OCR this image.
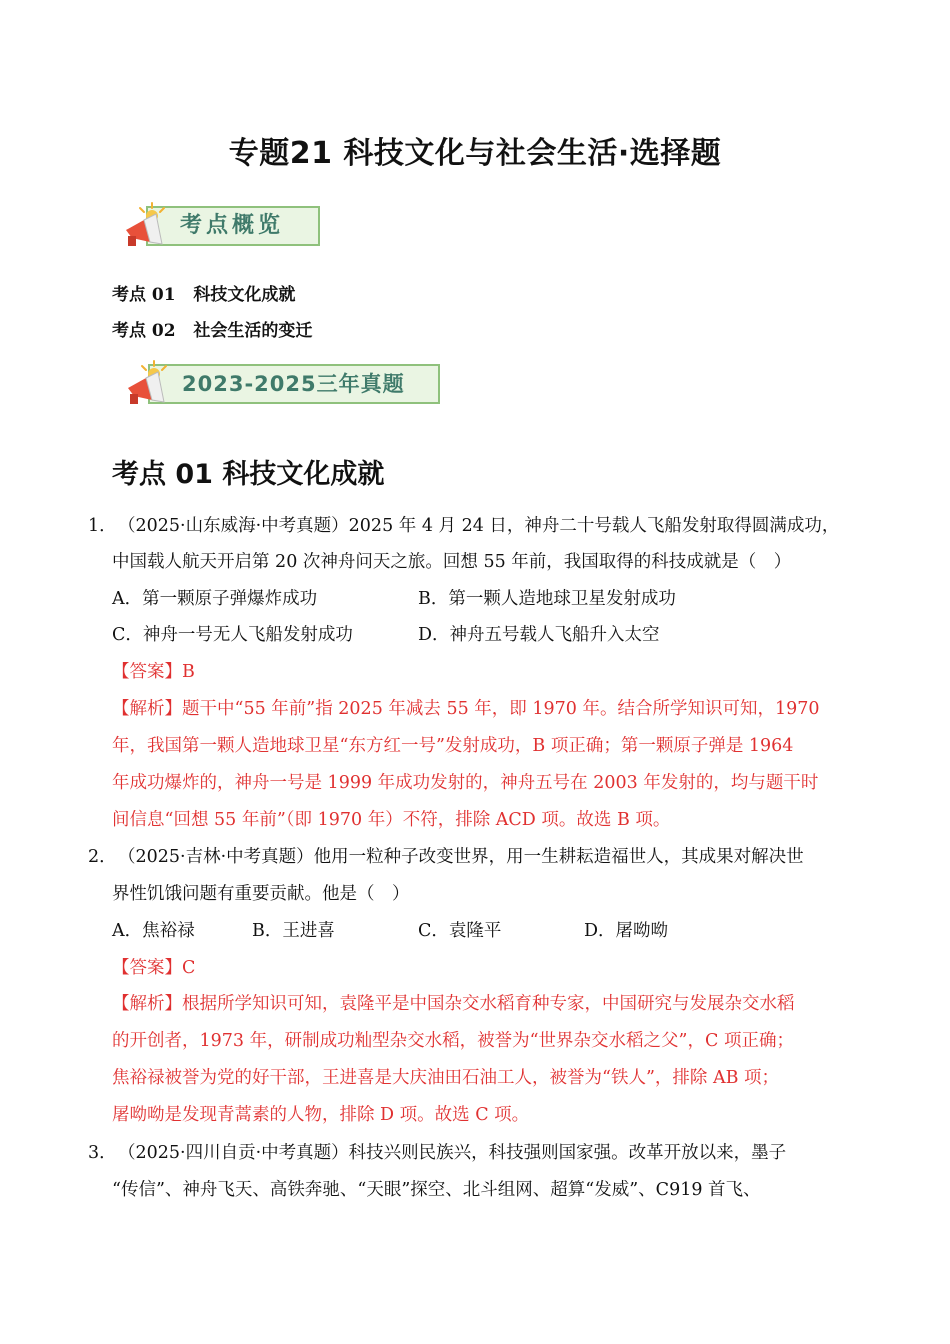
专题21 科技文化与社会生活·选择题
考点概览
考点 01 科技文化成就
考点 02 社会生活的变迁
2023-2025三年真题
考点 01 科技文化成就
1． （2025·山东威海·中考真题）2025 年 4 月 24 日，神舟二十号载人飞船发射取得圆满成功，
中国载人航天开启第 20 次神舟问天之旅。回想 55 年前，我国取得的科技成就是（　）
A．第一颗原子弹爆炸成功	B．第一颗人造地球卫星发射成功
C．神舟一号无人飞船发射成功	D．神舟五号载人飞船升入太空
【答案】B
【解析】题干中“55 年前”指 2025 年减去 55 年，即 1970 年。结合所学知识可知，1970
年，我国第一颗人造地球卫星“东方红一号”发射成功，B 项正确；第一颗原子弹是 1964
年成功爆炸的，神舟一号是 1999 年成功发射的，神舟五号在 2003 年发射的，均与题干时
间信息“回想 55 年前”（即 1970 年）不符，排除 ACD 项。故选 B 项。
2． （2025·吉林·中考真题）他用一粒种子改变世界，用一生耕耘造福世人，其成果对解决世
界性饥饿问题有重要贡献。他是（　）
A．焦裕禄	B．王进喜	C．袁隆平	D．屠呦呦
【答案】C
【解析】根据所学知识可知，袁隆平是中国杂交水稻育种专家，中国研究与发展杂交水稻
的开创者，1973 年，研制成功籼型杂交水稻，被誉为“世界杂交水稻之父”，C 项正确；
焦裕禄被誉为党的好干部，王进喜是大庆油田石油工人，被誉为“铁人”，排除 AB 项；
屠呦呦是发现青蒿素的人物，排除 D 项。故选 C 项。
3． （2025·四川自贡·中考真题）科技兴则民族兴，科技强则国家强。改革开放以来，墨子
“传信”、神舟飞天、高铁奔驰、“天眼”探空、北斗组网、超算“发威”、C919 首飞、
